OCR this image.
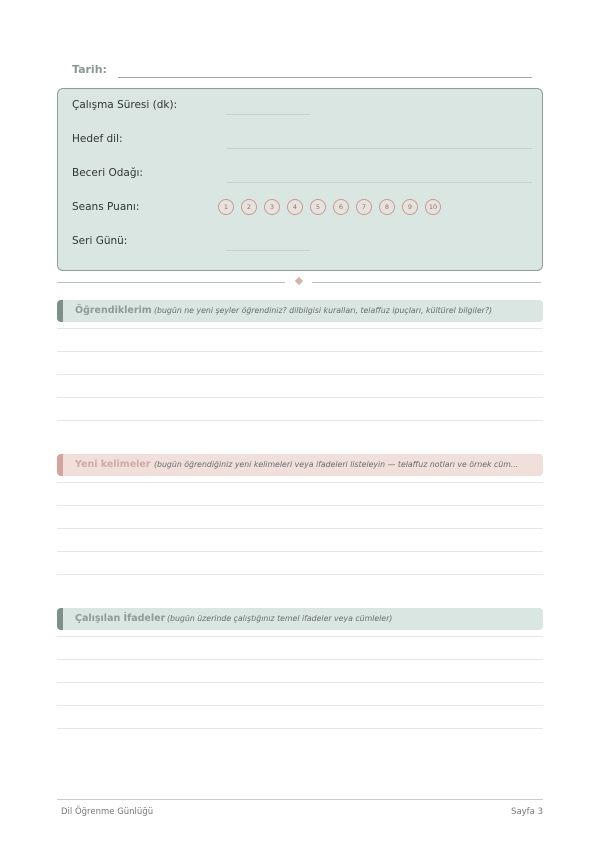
Tarih:
Çalışma Süresi (dk):
Hedef dil:
Beceri Odağı:
Seans Puanı:	1	2	3	4	5	6	7	8	9	10
Seri Günü:
Öğrendiklerim (bugün ne yeni şeyler öğrendiniz? dilbilgisi kuralları, telaffuz ipuçları, kültürel bilgiler?)
Yeni kelimeler (bugün öğrendiğiniz yeni kelimeleri veya ifadeleri listeleyin — telaffuz notları ve örnek cüm...
Çalışılan İfadeler (bugün üzerinde çalıştığınız temel ifadeler veya cümleler)
Dil Öğrenme Günlüğü	Sayfa 3
